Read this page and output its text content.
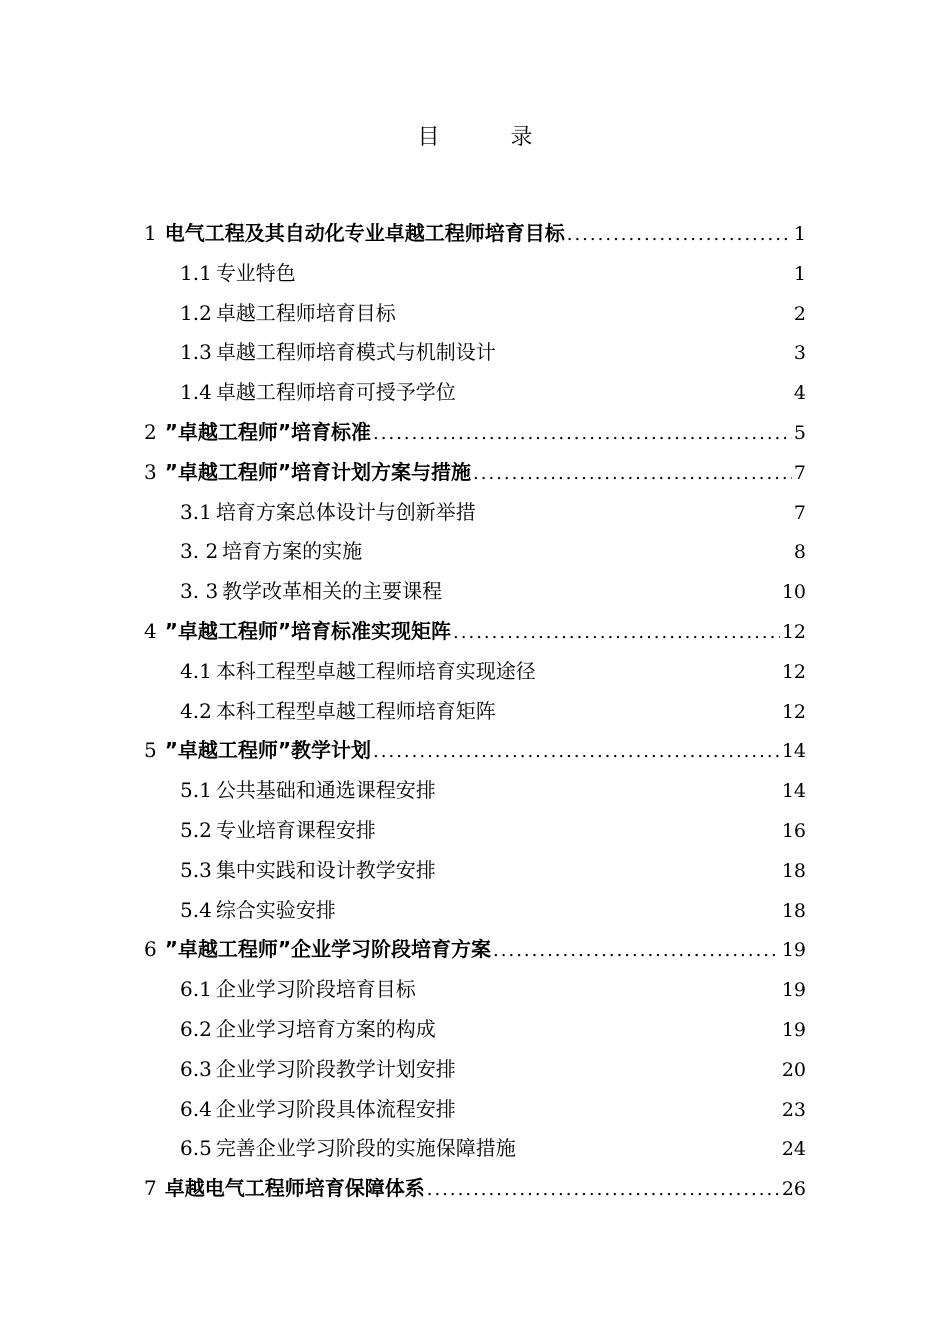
目 录
1 电气工程及其自动化专业卓越工程师培育目标 .....	1
1.1 专业特色	1
1.2 卓越工程师培育目标	2
1.3 卓越工程师培育模式与机制设计	3
1.4 卓越工程师培育可授予学位	4
2 ”卓越工程师”培育标准 .....	5
3 ”卓越工程师”培育计划方案与措施 .....	7
3.1 培育方案总体设计与创新举措	7
3. 2 培育方案的实施	8
3. 3 教学改革相关的主要课程	10
4 ”卓越工程师”培育标准实现矩阵 .....	12
4.1 本科工程型卓越工程师培育实现途径	12
4.2 本科工程型卓越工程师培育矩阵	12
5 ”卓越工程师”教学计划 .....	14
5.1 公共基础和通选课程安排	14
5.2 专业培育课程安排	16
5.3 集中实践和设计教学安排	18
5.4 综合实验安排	18
6 ”卓越工程师”企业学习阶段培育方案 .....	19
6.1 企业学习阶段培育目标	19
6.2 企业学习培育方案的构成	19
6.3 企业学习阶段教学计划安排	20
6.4 企业学习阶段具体流程安排	23
6.5 完善企业学习阶段的实施保障措施	24
7 卓越电气工程师培育保障体系 .....	26
